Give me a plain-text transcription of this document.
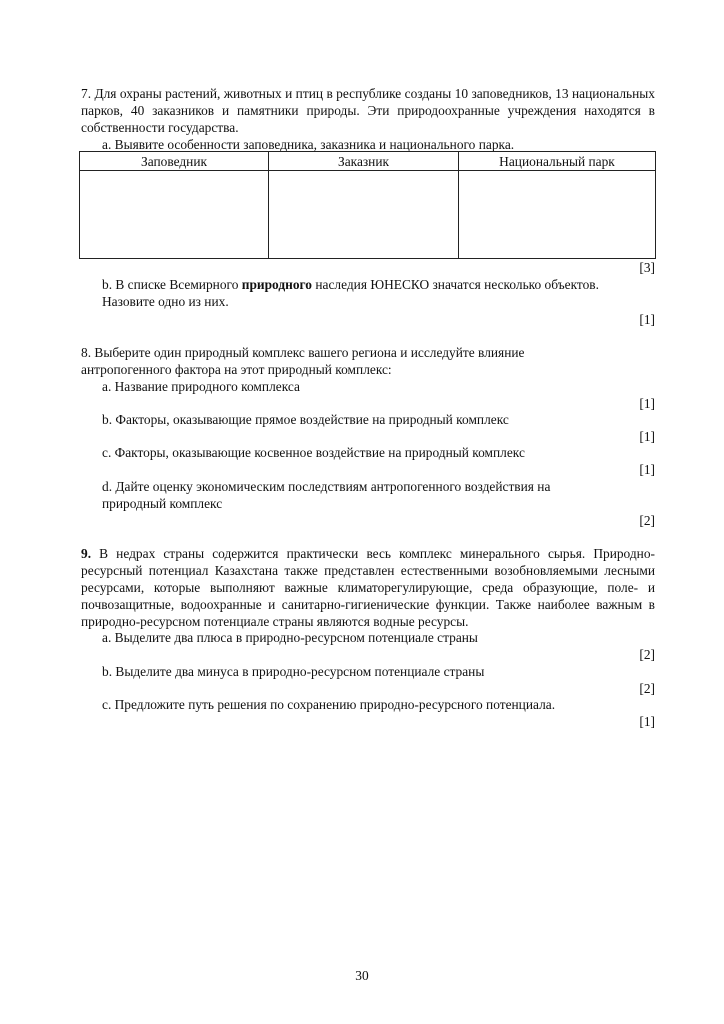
7. Для охраны растений, животных и птиц в республике созданы 10 заповедников, 13 национальных парков, 40 заказников и памятники природы. Эти природоохранные учреждения находятся в собственности государства.
a. Выявите особенности заповедника, заказника и национального парка.
Заповедник	Заказник	Национальный парк

[3]
b. В списке Всемирного природного наследия ЮНЕСКО значатся несколько объектов. Назовите одно из них.
[1]
8. Выберите один природный комплекс вашего региона и исследуйте влияние антропогенного фактора на этот природный комплекс:
a. Название природного комплекса
[1]
b. Факторы, оказывающие прямое воздействие на природный комплекс
[1]
c. Факторы, оказывающие косвенное воздействие на природный комплекс
[1]
d. Дайте оценку экономическим последствиям антропогенного воздействия на природный комплекс
[2]
9. В недрах страны содержится практически весь комплекс минерального сырья. Природно-ресурсный потенциал Казахстана также представлен естественными возобновляемыми лесными ресурсами, которые выполняют важные климаторегулирующие, среда образующие, поле- и почвозащитные, водоохранные и санитарно-гигиенические функции. Также наиболее важным в природно-ресурсном потенциале страны являются водные ресурсы.
a. Выделите два плюса в природно-ресурсном потенциале страны
[2]
b. Выделите два минуса в природно-ресурсном потенциале страны
[2]
c. Предложите путь решения по сохранению природно-ресурсного потенциала.
[1]
30
